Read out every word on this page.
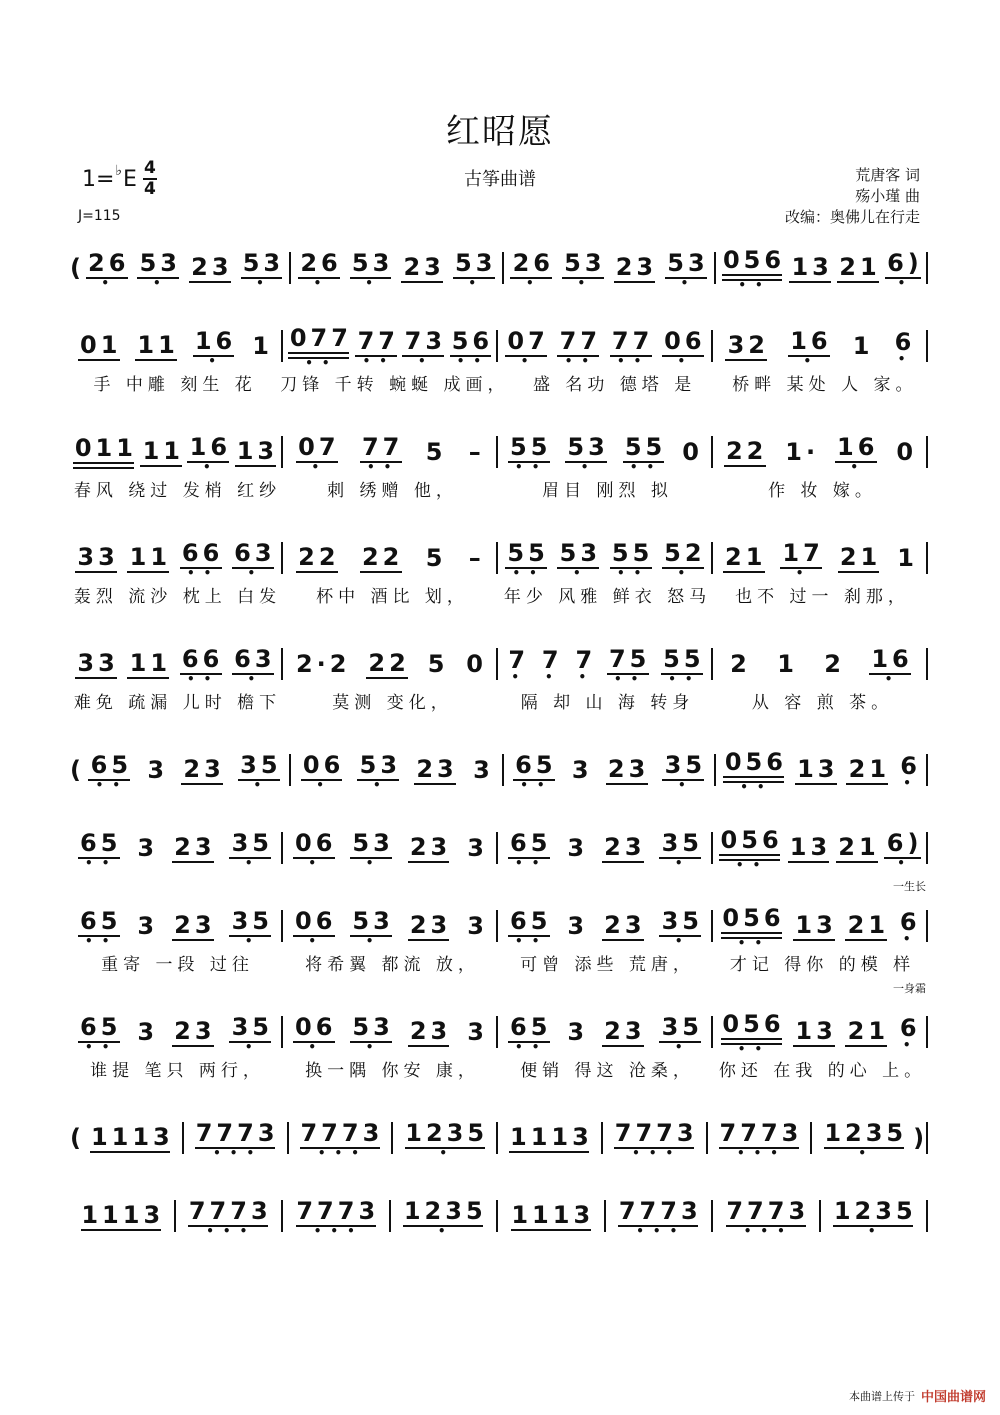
红昭愿
1= ♭ E 4
4
J=115
古筝曲谱	荒唐客 词
殇小瑾 曲
改编：奥佛儿在行走
一生长
一身霜
( 26
•
53
•
23 53
•
26
•
53
•
23 53
•
26
•
53
•
23 53
•
056
••
13 21 6)
•
01 11 16
•
1 077
••
77
••
73
•
56
••
07
•
77
••
77
••
06
•
32 16
•
1 6
•
手 中雕 刻生 花	刀锋 千转 蜿蜒 成画，	盛 名功 德塔 是	桥畔 某处 人 家。
011 11 16
•
13 07
•
77
••
5 – 55
••
53
•
55
••
0 22 1· 16
•
0
春风 绕过 发梢 红纱	刺 绣赠 他，	眉目 刚烈 拟	作 妆 嫁。
33 11 66
••
63
•
22 22 5 – 55
••
53
•
55
••
52
•
21 17
•
21 1
轰烈 流沙 枕上 白发	杯中 酒比 划，	年少 风雅 鲜衣 怒马	也不 过一 刹那，
33 11 66
••
63
•
2·2 22 5 0 7
•
7
•
7
•
75
••
55
••
2 1 2 16
•
难免 疏漏 儿时 檐下	莫测 变化，	隔 却 山 海 转身	从 容 煎 茶。
( 65
••
3 23 35
•
06
•
53
•
23 3 65
••
3 23 35
•
056
••
13 21 6
•
65
••
3 23 35
•
06
•
53
•
23 3 65
••
3 23 35
•
056
••
13 21 6)
•
65
••
3 23 35
•
06
•
53
•
23 3 65
••
3 23 35
•
056
••
13 21 6
•
重寄 一段 过往	将希翼 都流 放，	可曾 添些 荒唐，	才记 得你 的模 样
65
••
3 23 35
•
06
•
53
•
23 3 65
••
3 23 35
•
056
••
13 21 6
•
谁提 笔只 两行，	换一隅 你安 康，	便销 得这 沧桑，	你还 在我 的心 上。
( 1113 7773
•••
7773
•••
1235
•
1113 7773
•••
7773
•••
1235
•
)
1113 7773
•••
7773
•••
1235
•
1113 7773
•••
7773
•••
1235
•
本曲谱上传于 中国曲谱网
